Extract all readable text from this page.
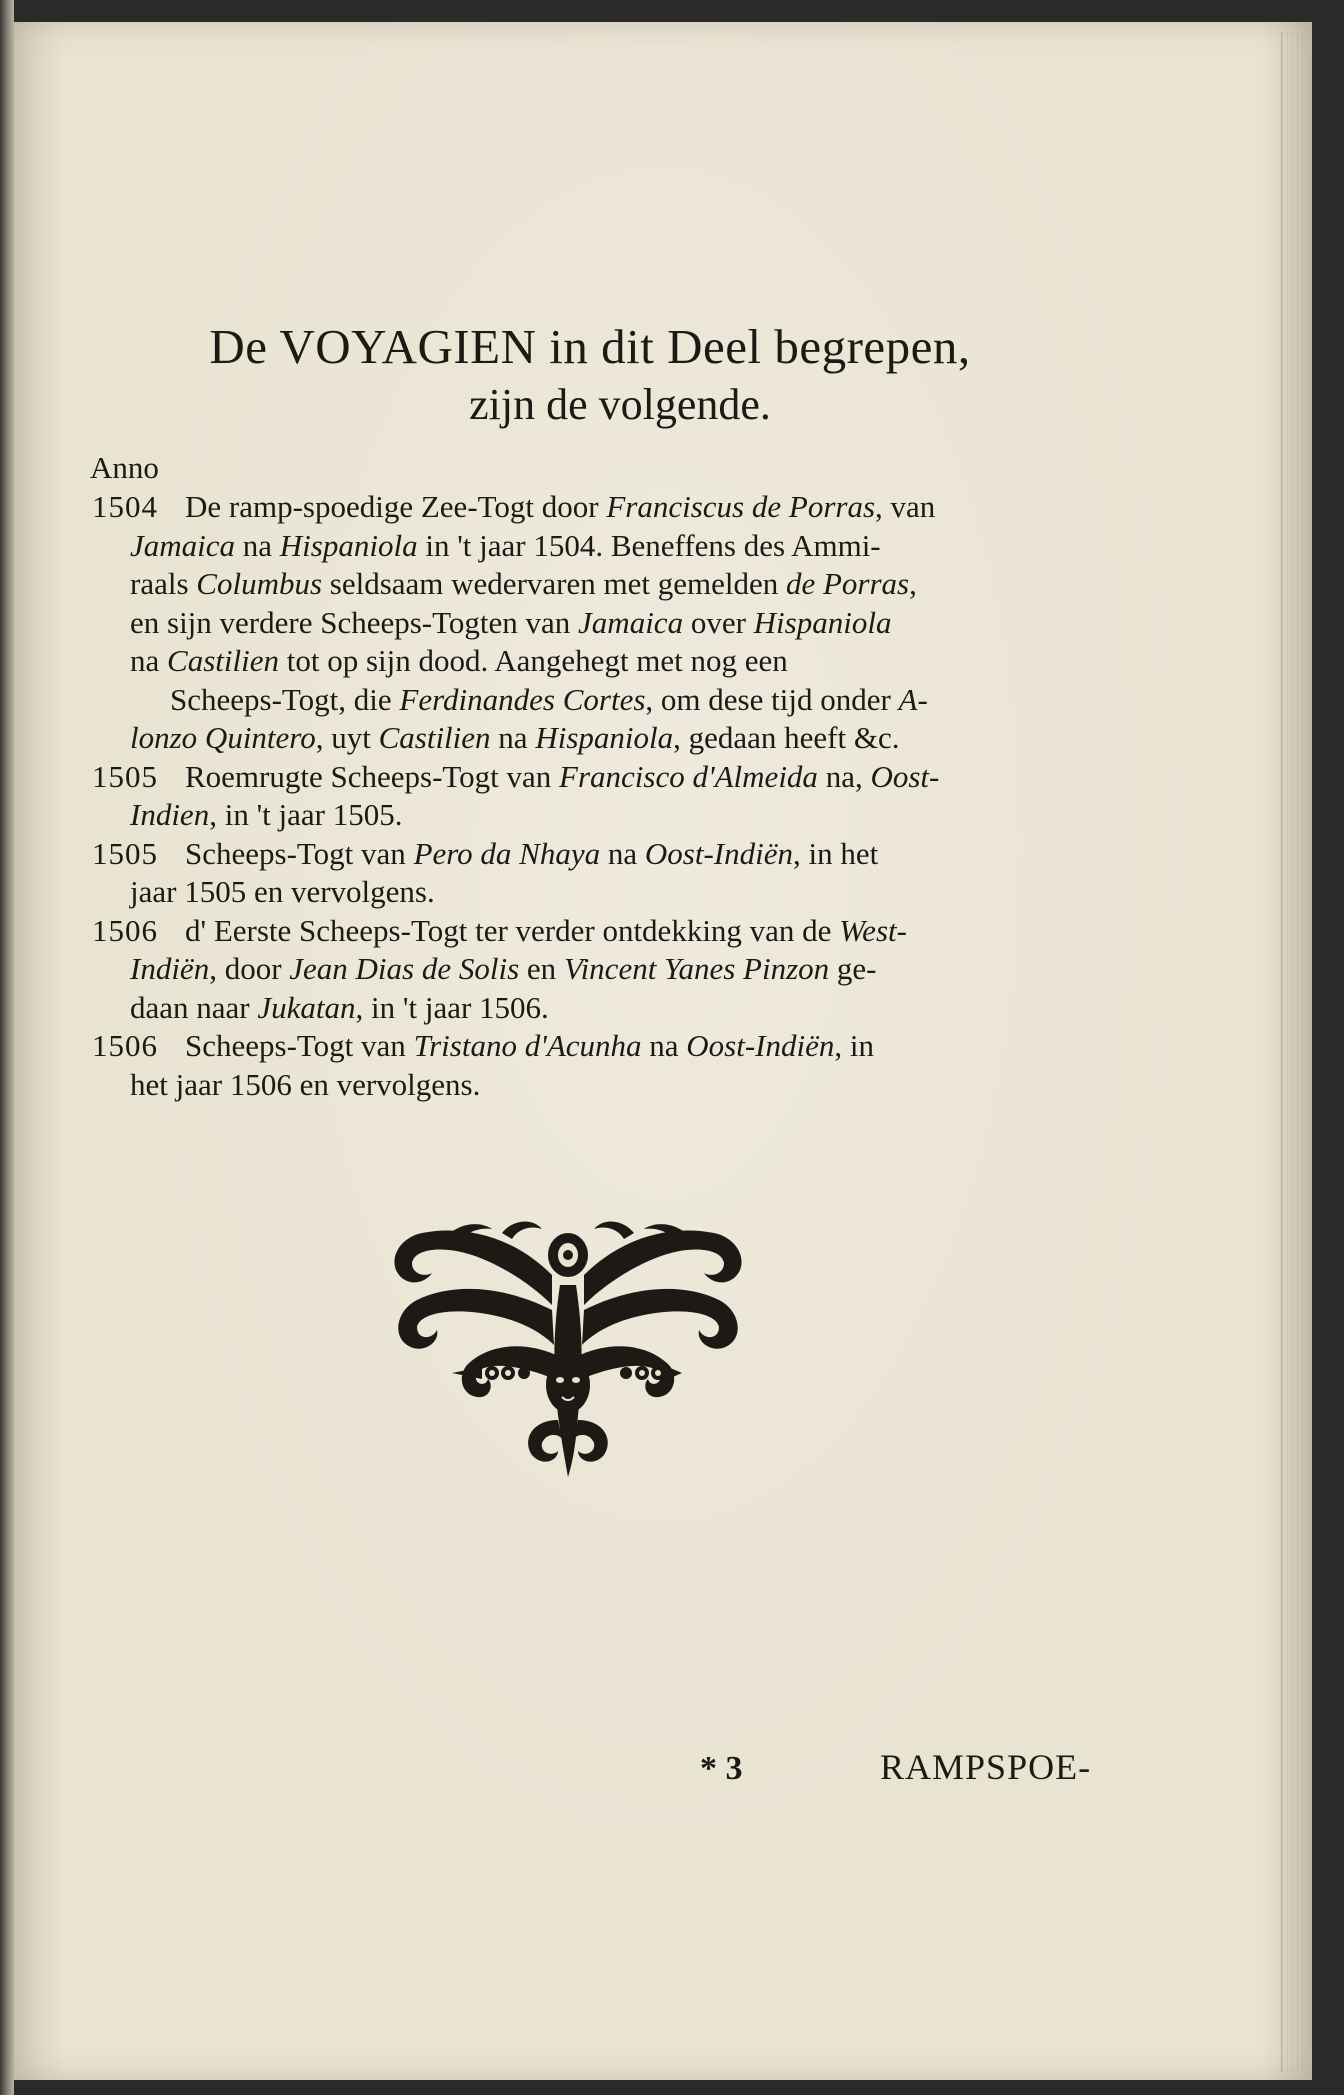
De VOYAGIEN in dit Deel begrepen,
zijn de volgende.
Anno
1504 De ramp-spoedige Zee-Togt door Franciscus de Porras, van
Jamaica na Hispaniola in 't jaar 1504. Beneffens des Ammi-
raals Columbus seldsaam wedervaren met gemelden de Porras,
en sijn verdere Scheeps-Togten van Jamaica over Hispaniola
na Castilien tot op sijn dood. Aangehegt met nog een
Scheeps-Togt, die Ferdinandes Cortes, om dese tijd onder A-
lonzo Quintero, uyt Castilien na Hispaniola, gedaan heeft &c.
1505 Roemrugte Scheeps-Togt van Francisco d'Almeida na, Oost-
Indien, in 't jaar 1505.
1505 Scheeps-Togt van Pero da Nhaya na Oost-Indiën, in het
jaar 1505 en vervolgens.
1506 d' Eerste Scheeps-Togt ter verder ontdekking van de West-
Indiën, door Jean Dias de Solis en Vincent Yanes Pinzon ge-
daan naar Jukatan, in 't jaar 1506.
1506 Scheeps-Togt van Tristano d'Acunha na Oost-Indiën, in
het jaar 1506 en vervolgens.
* 3	RAMPSPOE-
